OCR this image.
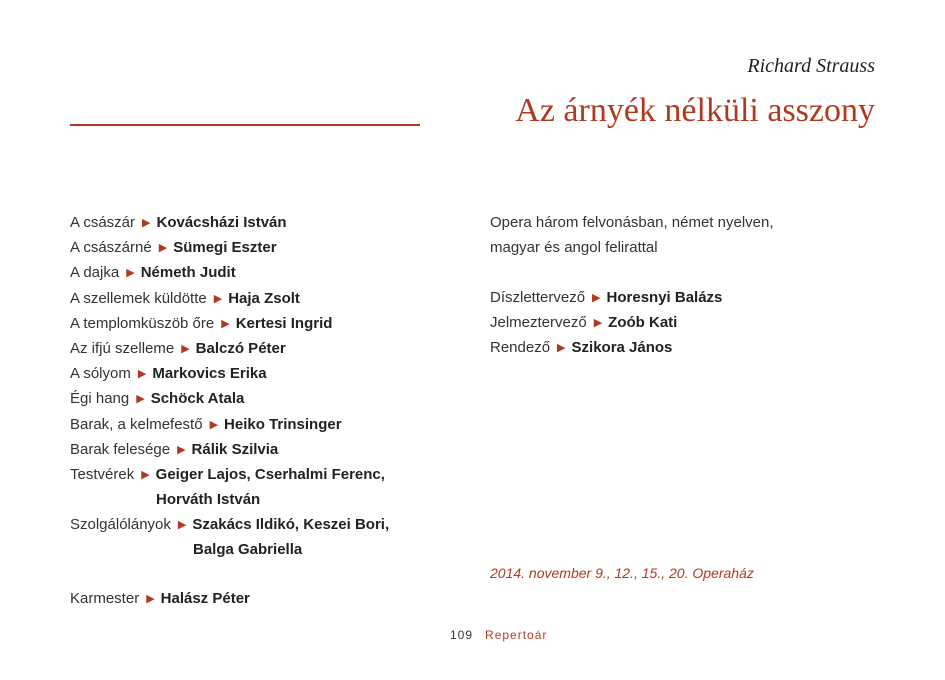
Richard Strauss
Az árnyék nélküli asszony
A császár ▶ Kovácsházi István
A császárné ▶ Sümegi Eszter
A dajka ▶ Németh Judit
A szellemek küldötte ▶ Haja Zsolt
A templomküszöb őre ▶ Kertesi Ingrid
Az ifjú szelleme ▶ Balczó Péter
A sólyom ▶ Markovics Erika
Égi hang ▶ Schöck Atala
Barak, a kelmefestő ▶ Heiko Trinsinger
Barak felesége ▶ Rálik Szilvia
Testvérek ▶ Geiger Lajos, Cserhalmi Ferenc,
Horváth István
Szolgálólányok ▶ Szakács Ildikó, Keszei Bori,
Balga Gabriella
Karmester ▶ Halász Péter
Opera három felvonásban, német nyelven,
magyar és angol felirattal
Díszlettervező ▶ Horesnyi Balázs
Jelmeztervező ▶ Zoób Kati
Rendező ▶ Szikora János
2014. november 9., 12., 15., 20. Operaház
109 Repertoár
